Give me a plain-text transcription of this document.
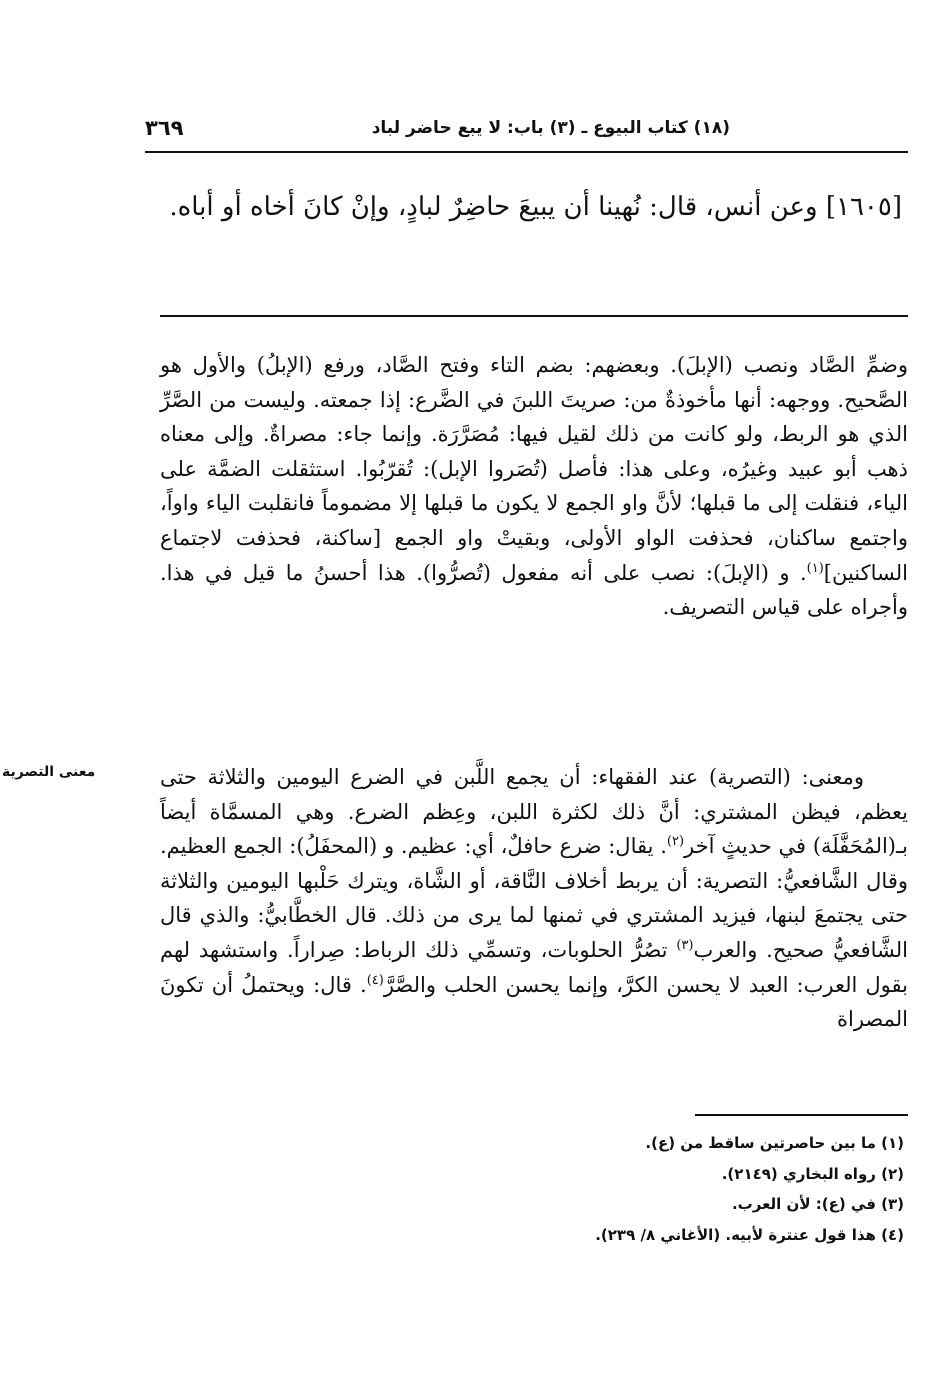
(١٨) كتاب البيوع ـ (٣) باب: لا يبع حاضر لباد
٣٦٩
[١٦٠٥] وعن أنس، قال: نُهينا أن يبيعَ حاضِرٌ لبادٍ، وإنْ كانَ أخاه أو أباه.

وضمِّ الصَّاد ونصب (الإبلَ). وبعضهم: بضم التاء وفتح الصَّاد، ورفع (الإبلُ) والأول هو الصَّحيح. ووجهه: أنها مأخوذةٌ من: صريتَ اللبنَ في الضَّرع: إذا جمعته. وليست من الصَّرِّ الذي هو الربط، ولو كانت من ذلك لقيل فيها: مُصَرَّرَة. وإنما جاء: مصراةٌ. وإلى معناه ذهب أبو عبيد وغيرُه، وعلى هذا: فأصل (تُصَروا الإبل): تُقرّبُوا. استثقلت الضمَّة على الياء، فنقلت إلى ما قبلها؛ لأنَّ واو الجمع لا يكون ما قبلها إلا مضموماً فانقلبت الياء واواً، واجتمع ساكنان، فحذفت الواو الأولى، وبقيتْ واو الجمع [ساكنة، فحذفت لاجتماع الساكنين]$^{(١)}$. و (الإبلَ): نصب على أنه مفعول (تُصرُّوا). هذا أحسنُ ما قيل في هذا. وأجراه على قياس التصريف.

معنى التصرية	ومعنى: (التصرية) عند الفقهاء: أن يجمع اللَّبن في الضرع اليومين والثلاثة حتى يعظم، فيظن المشتري: أنَّ ذلك لكثرة اللبن، وعِظم الضرع. وهي المسمَّاة أيضاً بـ(المُحَفَّلَة) في حديثٍ آخر$^{(٢)}$. يقال: ضرع حافلٌ، أي: عظيم. و (المحفَلُ): الجمع العظيم. وقال الشَّافعيُّ: التصرية: أن يربط أخلاف النَّاقة، أو الشَّاة، ويترك حَلْبها اليومين والثلاثة حتى يجتمعَ لبنها، فيزيد المشتري في ثمنها لما يرى من ذلك. قال الخطَّابيُّ: والذي قال الشَّافعيُّ صحيح. والعرب$^{(٣)}$ تصُرُّ الحلوبات، وتسمِّي ذلك الرباط: صِراراً. واستشهد لهم بقول العرب: العبد لا يحسن الكرَّ، وإنما يحسن الحلب والصَّرَّ$^{(٤)}$. قال: ويحتملُ أن تكونَ المصراة

(١) ما بين حاصرتين ساقط من (ع).
(٢) رواه البخاري (٢١٤٩).
(٣) في (ع): لأن العرب.
(٤) هذا قول عنترة لأبيه. (الأغاني ٨/ ٢٣٩).
